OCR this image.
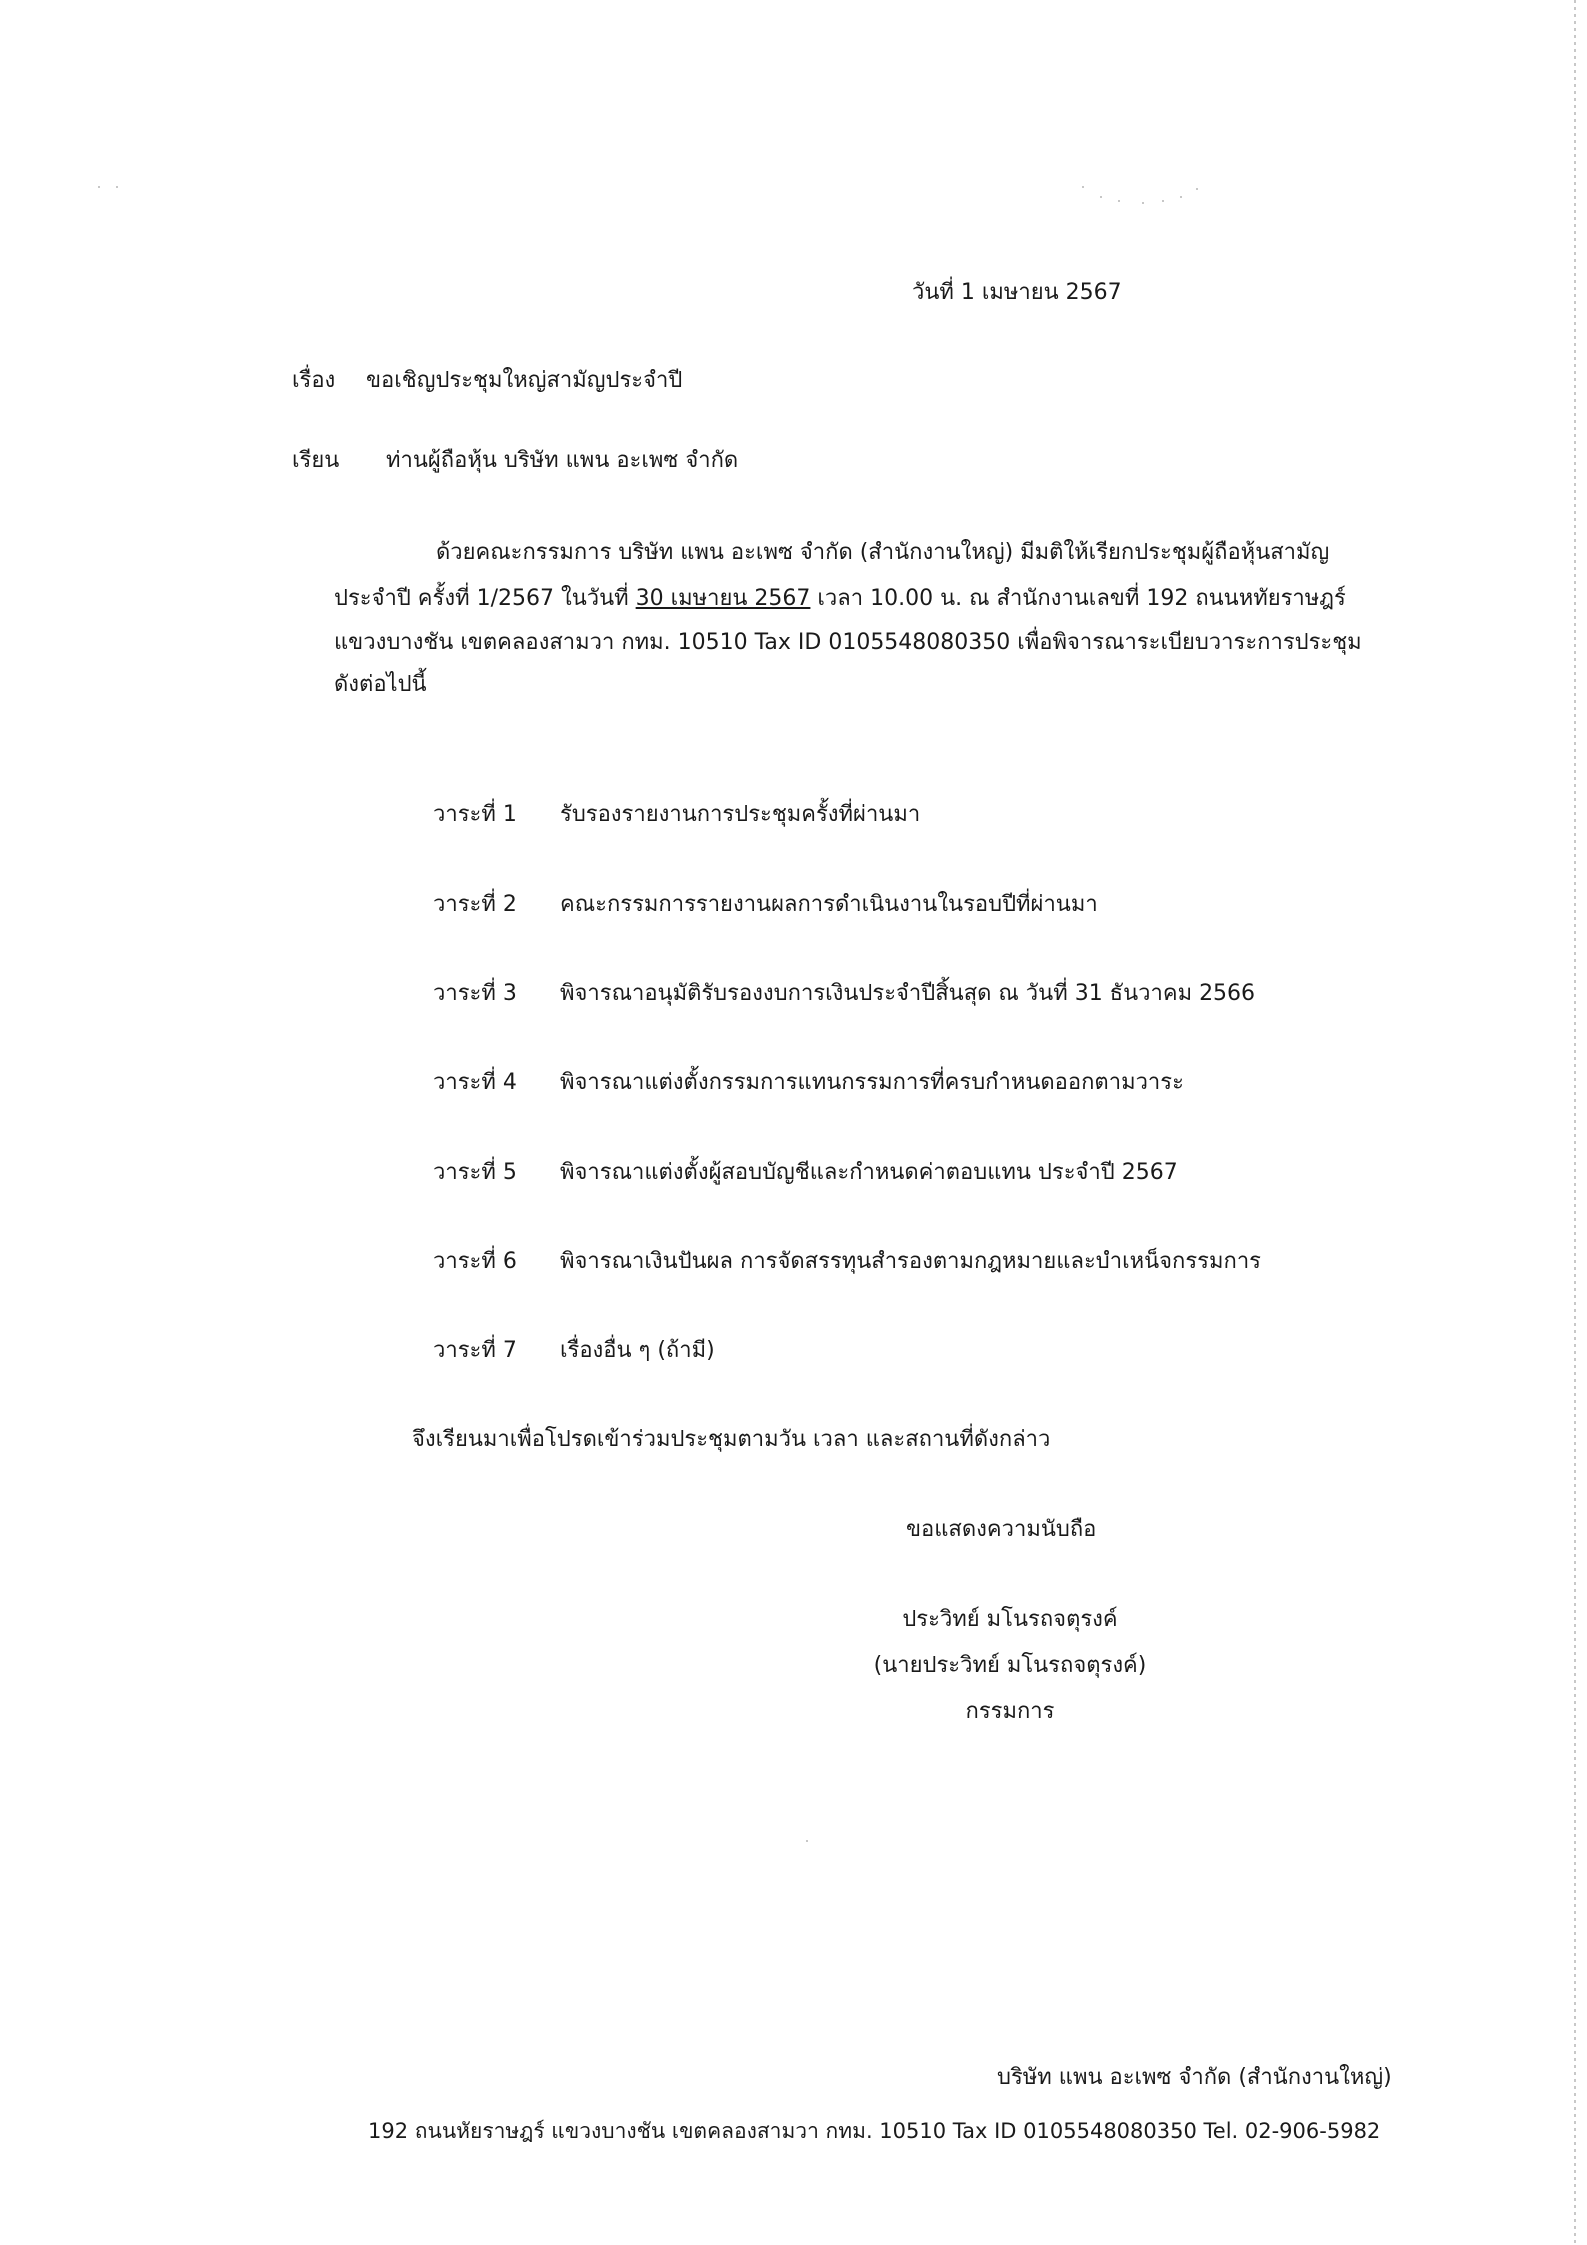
วันที่ 1 เมษายน 2567
เรื่อง ขอเชิญประชุมใหญ่สามัญประจำปี
เรียน ท่านผู้ถือหุ้น บริษัท แพน อะเพซ จำกัด
ด้วยคณะกรรมการ บริษัท แพน อะเพซ จำกัด (สำนักงานใหญ่) มีมติให้เรียกประชุมผู้ถือหุ้นสามัญ
ประจำปี ครั้งที่ 1/2567 ในวันที่ 30 เมษายน 2567 เวลา 10.00 น. ณ สำนักงานเลขที่ 192 ถนนหทัยราษฎร์
แขวงบางชัน เขตคลองสามวา กทม. 10510 Tax ID 0105548080350 เพื่อพิจารณาระเบียบวาระการประชุม
ดังต่อไปนี้
วาระที่ 1 รับรองรายงานการประชุมครั้งที่ผ่านมา
วาระที่ 2 คณะกรรมการรายงานผลการดำเนินงานในรอบปีที่ผ่านมา
วาระที่ 3 พิจารณาอนุมัติรับรองงบการเงินประจำปีสิ้นสุด ณ วันที่ 31 ธันวาคม 2566
วาระที่ 4 พิจารณาแต่งตั้งกรรมการแทนกรรมการที่ครบกำหนดออกตามวาระ
วาระที่ 5 พิจารณาแต่งตั้งผู้สอบบัญชีและกำหนดค่าตอบแทน ประจำปี 2567
วาระที่ 6 พิจารณาเงินปันผล การจัดสรรทุนสำรองตามกฎหมายและบำเหน็จกรรมการ
วาระที่ 7 เรื่องอื่น ๆ (ถ้ามี)
จึงเรียนมาเพื่อโปรดเข้าร่วมประชุมตามวัน เวลา และสถานที่ดังกล่าว
ขอแสดงความนับถือ
ประวิทย์ มโนรถจตุรงค์
(นายประวิทย์ มโนรถจตุรงค์)
กรรมการ
บริษัท แพน อะเพซ จำกัด (สำนักงานใหญ่)
192 ถนนหัยราษฎร์ แขวงบางชัน เขตคลองสามวา กทม. 10510 Tax ID 0105548080350 Tel. 02-906-5982
